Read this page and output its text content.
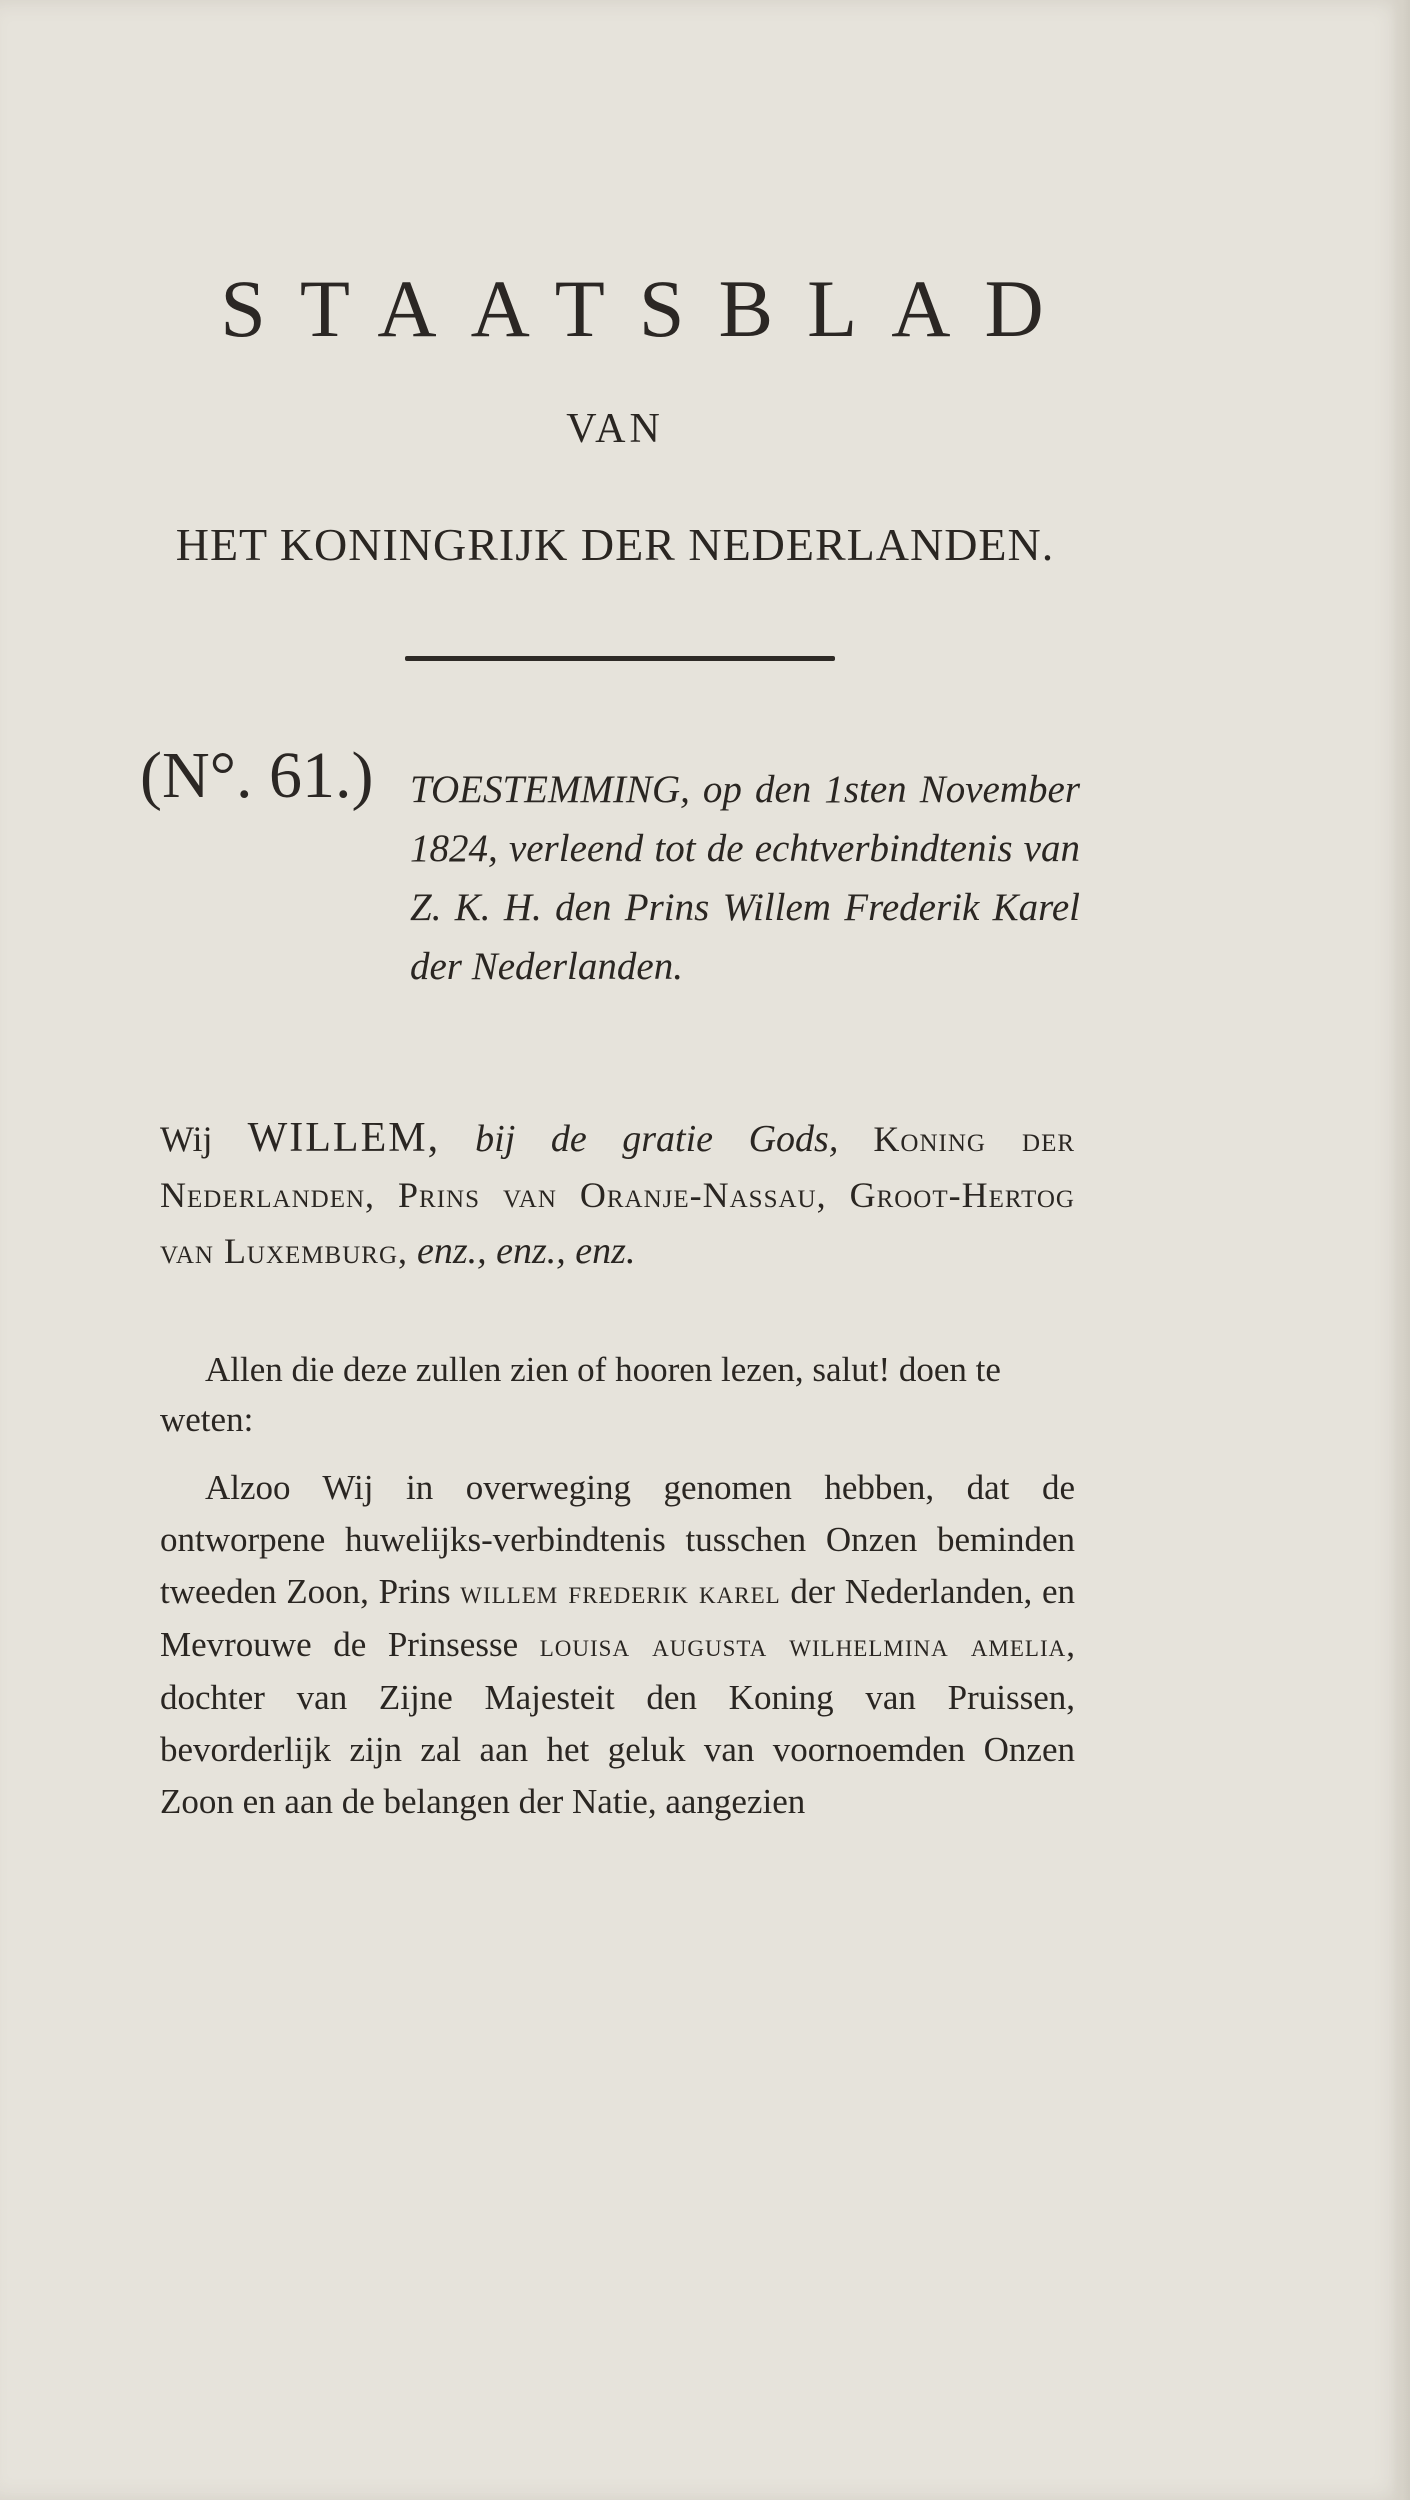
STAATSBLAD
VAN
HET KONINGRIJK DER NEDERLANDEN.
(N°. 61.) TOESTEMMING, op den 1sten November 1824, verleend tot de echtverbindtenis van Z. K. H. den Prins Willem Frederik Karel der Nederlanden.
Wij WILLEM, bij de gratie Gods, Koning der Nederlanden, Prins van Oranje-Nassau, Groot-Hertog van Luxemburg, enz., enz., enz.
Allen die deze zullen zien of hooren lezen, salut! doen te weten:
Alzoo Wij in overweging genomen hebben, dat de ontworpene huwelijks-verbindtenis tusschen Onzen beminden tweeden Zoon, Prins willem frederik karel der Nederlanden, en Mevrouwe de Prinsesse louisa augusta wilhelmina amelia, dochter van Zijne Majesteit den Koning van Pruissen, bevorderlijk zijn zal aan het geluk van voornoemden Onzen Zoon en aan de belangen der Natie, aangezien
